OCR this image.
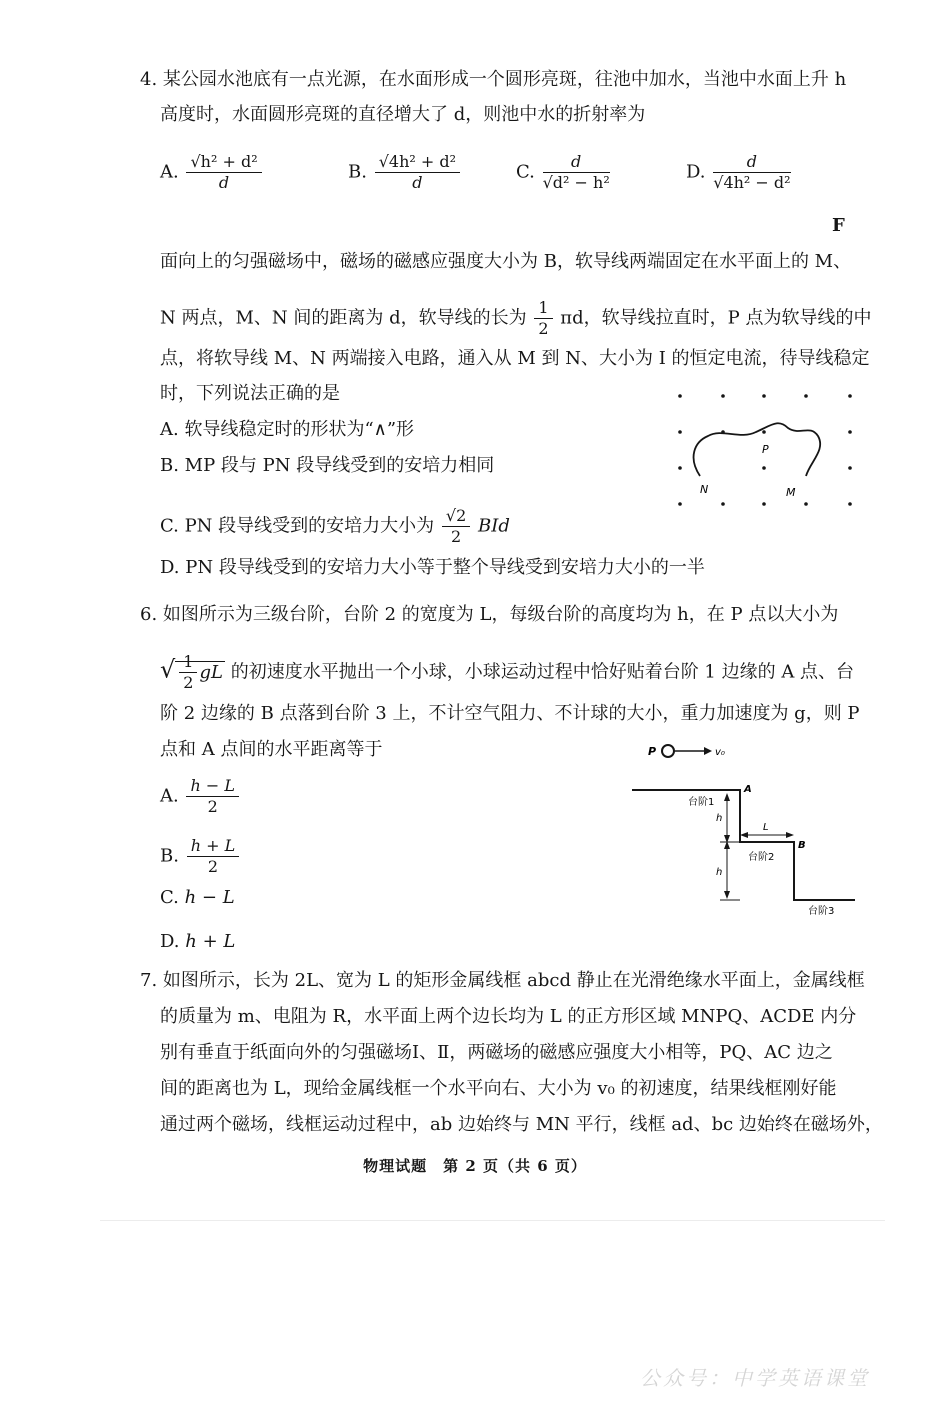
4. 某公园水池底有一点光源，在水面形成一个圆形亮斑，往池中加水，当池中水面上升 h
高度时，水面圆形亮斑的直径增大了 d，则池中水的折射率为
A. $\frac{\text{√h² + d²}}{d}$	B. $\frac{\text{√4h² + d²}}{d}$	C. $\frac{d}{\text{√d² − h²}}$	D. $\frac{d}{\text{√4h² − d²}}$
F
面向上的匀强磁场中，磁场的磁感应强度大小为 B，软导线两端固定在水平面上的 M、
N 两点，M、N 间的距离为 d，软导线的长为 $\frac{1}{2}$ πd，软导线拉直时，P 点为软导线的中
点，将软导线 M、N 两端接入电路，通入从 M 到 N、大小为 I 的恒定电流，待导线稳定
时，下列说法正确的是
A. 软导线稳定时的形状为“∧”形
B. MP 段与 PN 段导线受到的安培力相同
C. PN 段导线受到的安培力大小为 $\frac{√2}{2}$ BId
D. PN 段导线受到的安培力大小等于整个导线受到安培力大小的一半
P
N	M
6. 如图所示为三级台阶，台阶 2 的宽度为 L，每级台阶的高度均为 h，在 P 点以大小为
√ $\frac{1}{2}$ gL 的初速度水平抛出一个小球，小球运动过程中恰好贴着台阶 1 边缘的 A 点、台
阶 2 边缘的 B 点落到台阶 3 上，不计空气阻力、不计球的大小，重力加速度为 g，则 P
点和 A 点间的水平距离等于
A. $\frac{h - L}{2}$
B. $\frac{h + L}{2}$
C. h − L
D. h + L
P	v₀
A
B
台阶1
台阶2
台阶3
h
h
L
7. 如图所示，长为 2L、宽为 L 的矩形金属线框 abcd 静止在光滑绝缘水平面上，金属线框
的质量为 m、电阻为 R，水平面上两个边长均为 L 的正方形区域 MNPQ、ACDE 内分
别有垂直于纸面向外的匀强磁场Ⅰ、Ⅱ，两磁场的磁感应强度大小相等，PQ、AC 边之
间的距离也为 L，现给金属线框一个水平向右、大小为 v₀ 的初速度，结果线框刚好能
通过两个磁场，线框运动过程中，ab 边始终与 MN 平行，线框 ad、bc 边始终在磁场外，
物理试题　第 2 页（共 6 页）
公众号：中学英语课堂
